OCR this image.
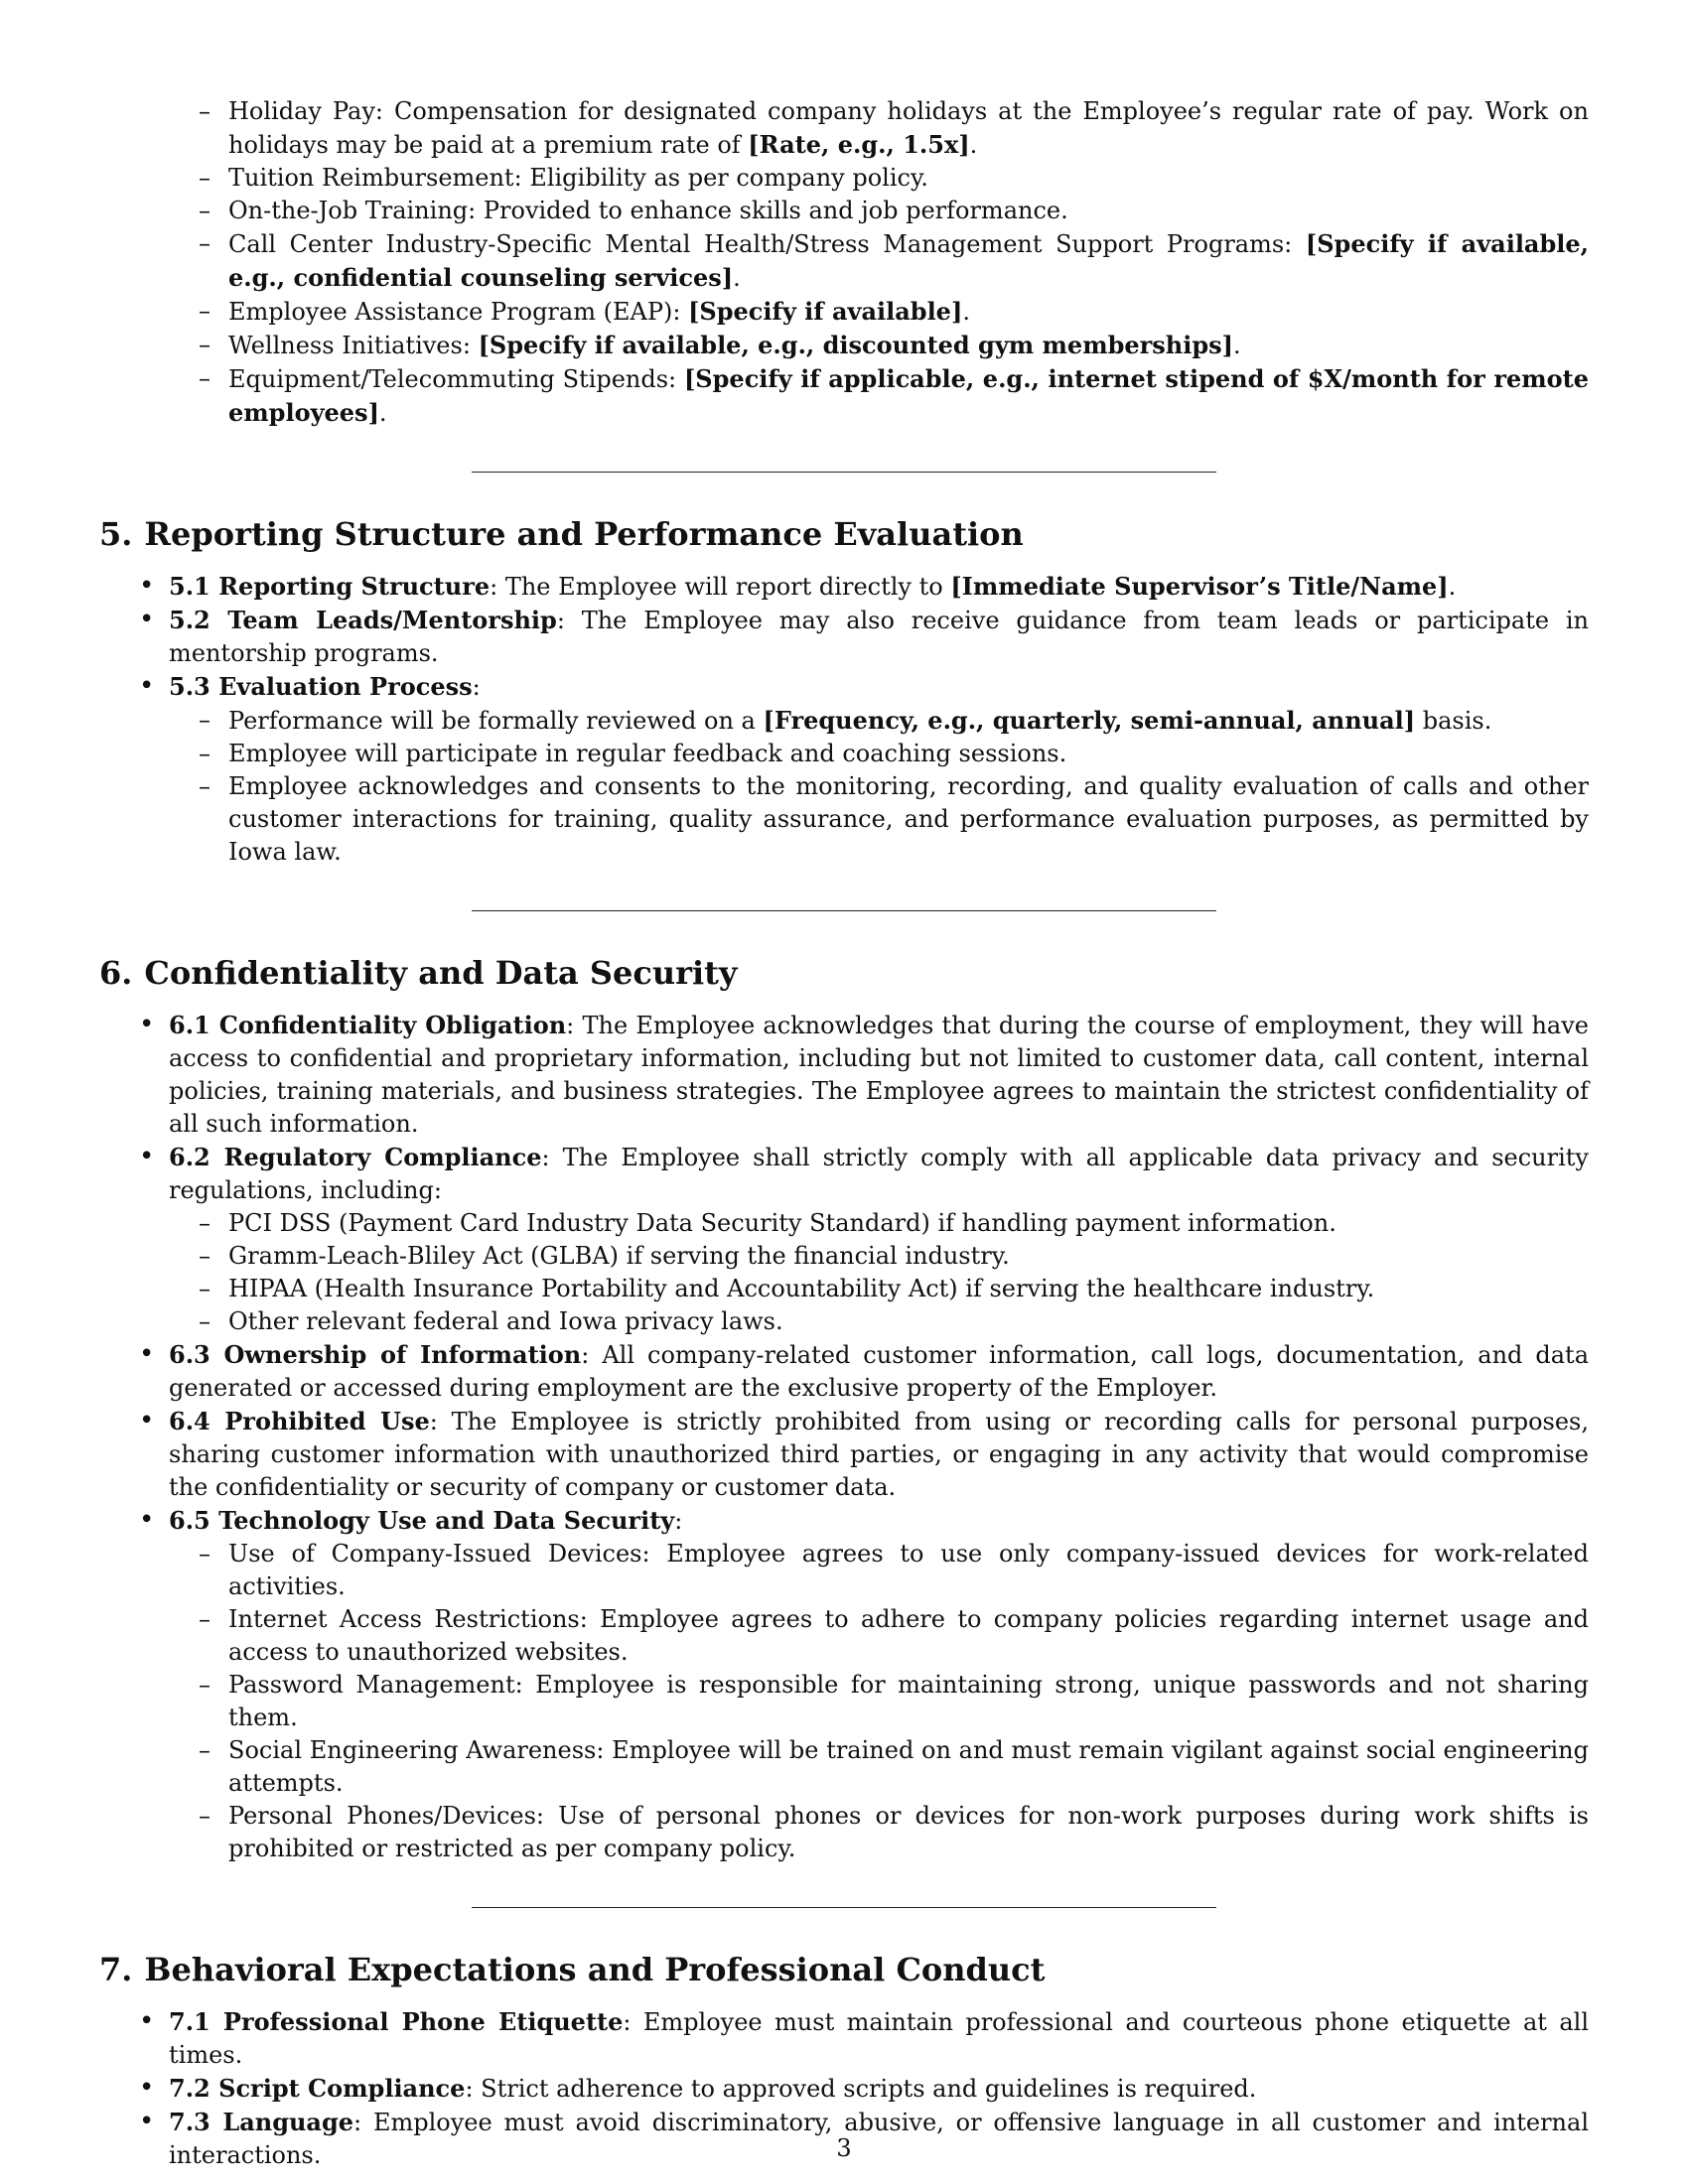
– Holiday Pay: Compensation for designated company holidays at the Employee’s regular rate of pay. Work on holidays may be paid at a premium rate of [Rate, e.g., 1.5x].
– Tuition Reimbursement: Eligibility as per company policy.
– On-the-Job Training: Provided to enhance skills and job performance.
– Call Center Industry-Specific Mental Health/Stress Management Support Programs: [Specify if available, e.g., confidential counseling services].
– Employee Assistance Program (EAP): [Specify if available].
– Wellness Initiatives: [Specify if available, e.g., discounted gym memberships].
– Equipment/Telecommuting Stipends: [Specify if applicable, e.g., internet stipend of $X/month for remote employees].
5. Reporting Structure and Performance Evaluation
• 5.1 Reporting Structure: The Employee will report directly to [Immediate Supervisor’s Title/Name].
• 5.2 Team Leads/Mentorship: The Employee may also receive guidance from team leads or participate in mentorship programs.
• 5.3 Evaluation Process:
– Performance will be formally reviewed on a [Frequency, e.g., quarterly, semi-annual, annual] basis.
– Employee will participate in regular feedback and coaching sessions.
– Employee acknowledges and consents to the monitoring, recording, and quality evaluation of calls and other customer interactions for training, quality assurance, and performance evaluation purposes, as permitted by Iowa law.
6. Confidentiality and Data Security
• 6.1 Confidentiality Obligation: The Employee acknowledges that during the course of employment, they will have access to confidential and proprietary information, including but not limited to customer data, call content, internal policies, training materials, and business strategies. The Employee agrees to maintain the strictest confidentiality of all such information.
• 6.2 Regulatory Compliance: The Employee shall strictly comply with all applicable data privacy and security regulations, including:
– PCI DSS (Payment Card Industry Data Security Standard) if handling payment information.
– Gramm-Leach-Bliley Act (GLBA) if serving the financial industry.
– HIPAA (Health Insurance Portability and Accountability Act) if serving the healthcare industry.
– Other relevant federal and Iowa privacy laws.
• 6.3 Ownership of Information: All company-related customer information, call logs, documentation, and data generated or accessed during employment are the exclusive property of the Employer.
• 6.4 Prohibited Use: The Employee is strictly prohibited from using or recording calls for personal purposes, sharing customer information with unauthorized third parties, or engaging in any activity that would compromise the confidentiality or security of company or customer data.
• 6.5 Technology Use and Data Security:
– Use of Company-Issued Devices: Employee agrees to use only company-issued devices for work-related activities.
– Internet Access Restrictions: Employee agrees to adhere to company policies regarding internet usage and access to unauthorized websites.
– Password Management: Employee is responsible for maintaining strong, unique passwords and not sharing them.
– Social Engineering Awareness: Employee will be trained on and must remain vigilant against social engineering attempts.
– Personal Phones/Devices: Use of personal phones or devices for non-work purposes during work shifts is prohibited or restricted as per company policy.
7. Behavioral Expectations and Professional Conduct
• 7.1 Professional Phone Etiquette: Employee must maintain professional and courteous phone etiquette at all times.
• 7.2 Script Compliance: Strict adherence to approved scripts and guidelines is required.
• 7.3 Language: Employee must avoid discriminatory, abusive, or offensive language in all customer and internal interactions.	3
